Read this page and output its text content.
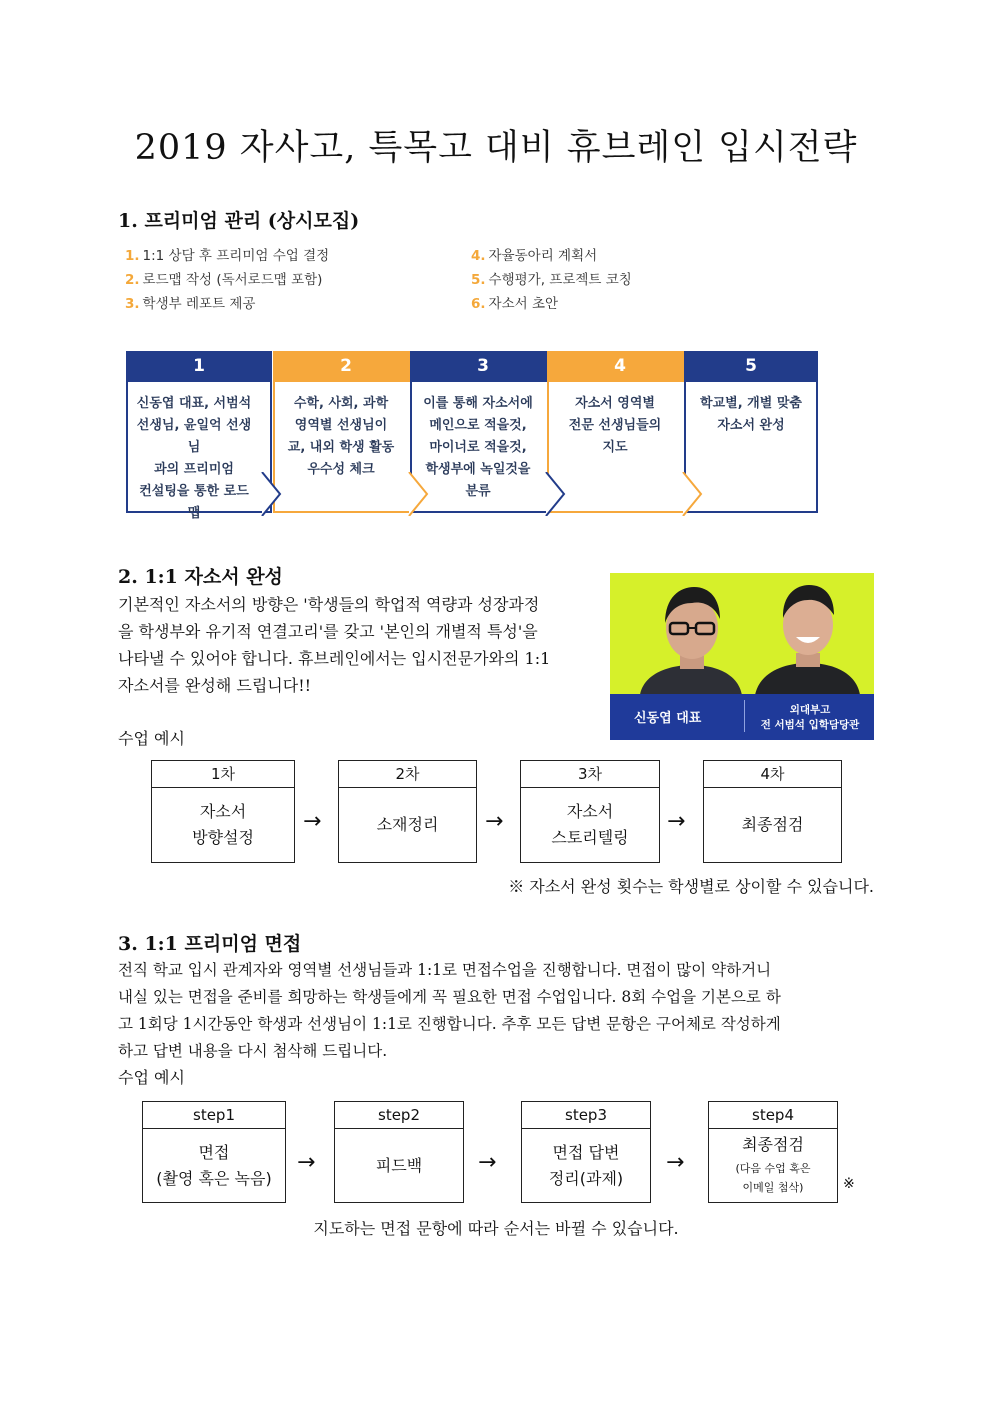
2019 자사고, 특목고 대비 휴브레인 입시전략
1. 프리미엄 관리 (상시모집)
1. 1:1 상담 후 프리미엄 수업 결정
2. 로드맵 작성 (독서로드맵 포함)
3. 학생부 레포트 제공
4. 자율동아리 계획서
5. 수행평가, 프로젝트 코칭
6. 자소서 초안
1
신동엽 대표, 서범석
선생님, 윤일억 선생님
과의 프리미엄
컨설팅을 통한 로드맵
2
수학, 사회, 과학
영역별 선생님이
교, 내외 학생 활동
우수성 체크
3
이를 통해 자소서에
메인으로 적을것,
마이너로 적을것,
학생부에 녹일것을
분류
4
자소서 영역별
전문 선생님들의
지도
5
학교별, 개별 맞춤
자소서 완성
2. 1:1 자소서 완성
기본적인 자소서의 방향은 '학생들의 학업적 역량과 성장과정
을 학생부와 유기적 연결고리'를 갖고 '본인의 개별적 특성'을
나타낼 수 있어야 합니다. 휴브레인에서는 입시전문가와의 1:1
자소서를 완성해 드립니다!!
신동엽 대표
외대부고
전 서범석 입학담당관
수업 예시
1차
자소서
방향설정
→
2차
소재정리 →
3차
자소서
스토리텔링
→
4차
최종점검
※ 자소서 완성 횟수는 학생별로 상이할 수 있습니다.
3. 1:1 프리미엄 면접
전직 학교 입시 관계자와 영역별 선생님들과 1:1로 면접수업을 진행합니다. 면접이 많이 약하거니
내실 있는 면접을 준비를 희망하는 학생들에게 꼭 필요한 면접 수업입니다. 8회 수업을 기본으로 하
고 1회당 1시간동안 학생과 선생님이 1:1로 진행합니다. 추후 모든 답변 문항은 구어체로 작성하게
하고 답변 내용을 다시 첨삭해 드립니다.
수업 예시
step1
면접
(촬영 혹은 녹음)
→
step2
피드백	→
step3
면접 답변
정리(과제)
→
step4
최종점검
(다음 수업 혹은
이메일 첨삭)	※
지도하는 면접 문항에 따라 순서는 바뀔 수 있습니다.
